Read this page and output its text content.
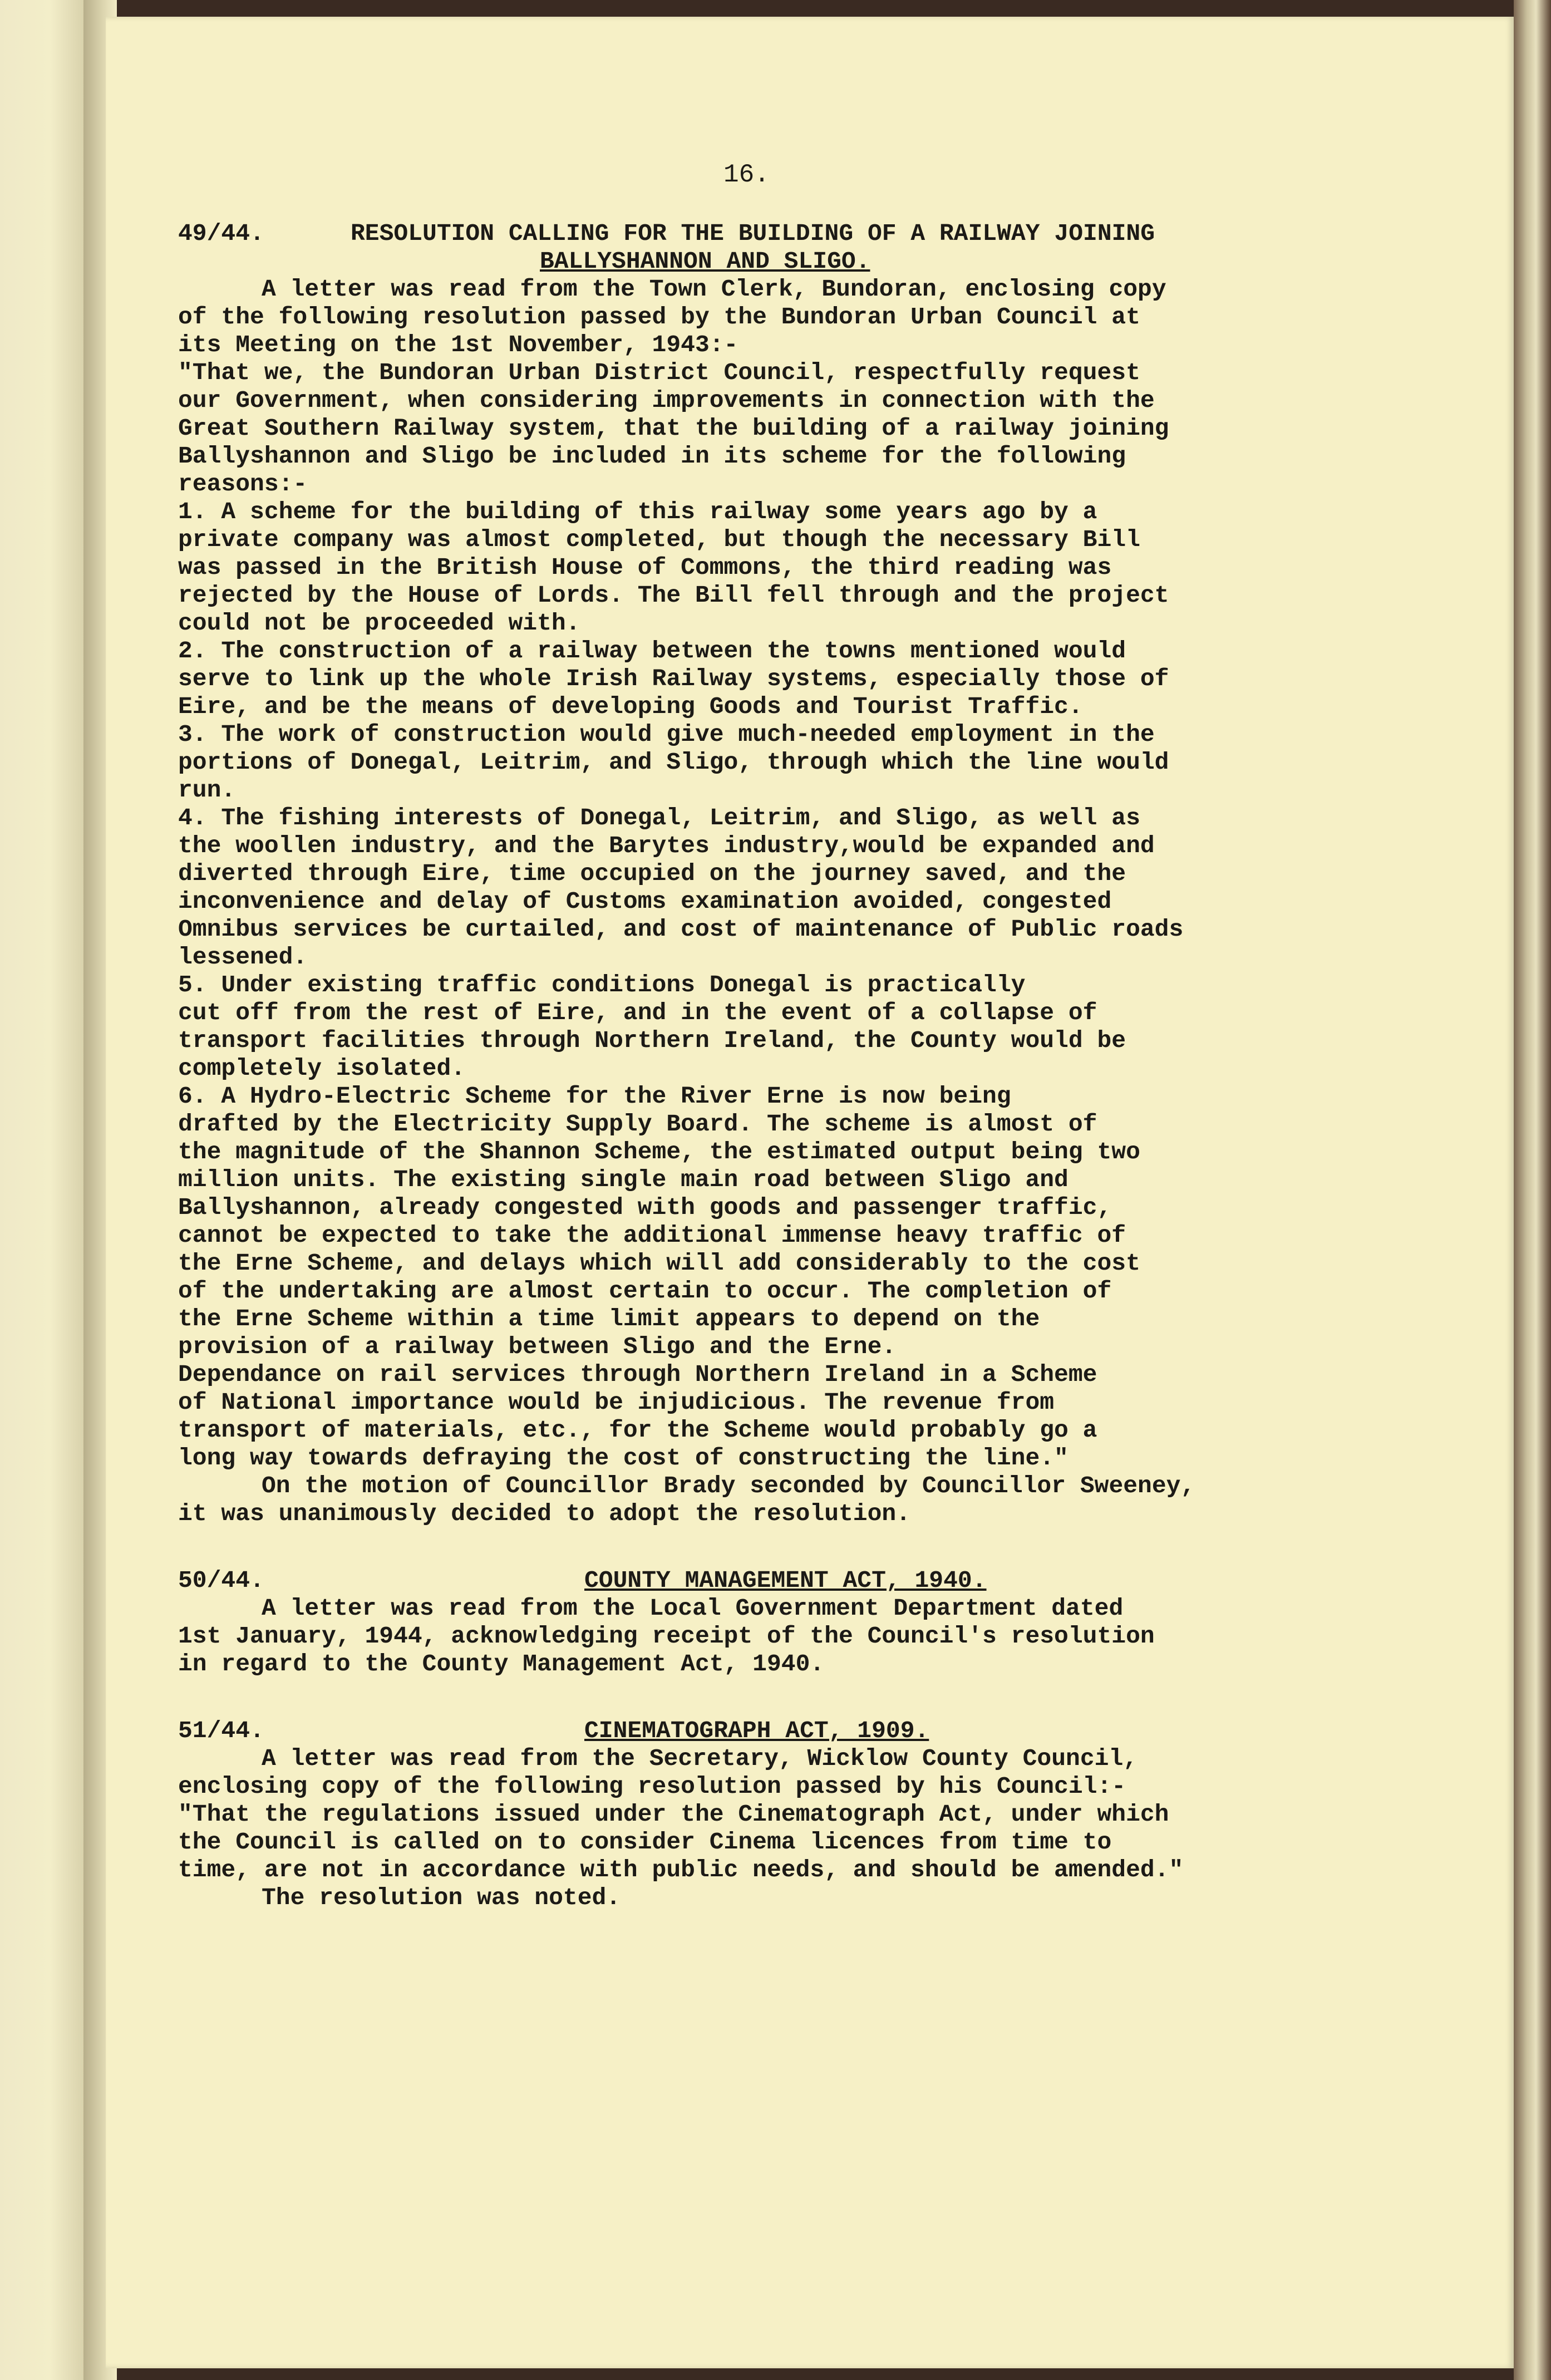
16.
49/44.	RESOLUTION CALLING FOR THE BUILDING OF A RAILWAY JOINING
BALLYSHANNON AND SLIGO.
A letter was read from the Town Clerk, Bundoran, enclosing copy
of the following resolution passed by the Bundoran Urban Council at
its Meeting on the 1st November, 1943:-
"That we, the Bundoran Urban District Council, respectfully request
our Government, when considering improvements in connection with the
Great Southern Railway system, that the building of a railway joining
Ballyshannon and Sligo be included in its scheme for the following
reasons:-
1. A scheme for the building of this railway some years ago by a
private company was almost completed, but though the necessary Bill
was passed in the British House of Commons, the third reading was
rejected by the House of Lords. The Bill fell through and the project
could not be proceeded with.
2. The construction of a railway between the towns mentioned would
serve to link up the whole Irish Railway systems, especially those of
Eire, and be the means of developing Goods and Tourist Traffic.
3. The work of construction would give much-needed employment in the
portions of Donegal, Leitrim, and Sligo, through which the line would
run.
4. The fishing interests of Donegal, Leitrim, and Sligo, as well as
the woollen industry, and the Barytes industry,would be expanded and
diverted through Eire, time occupied on the journey saved, and the
inconvenience and delay of Customs examination avoided, congested
Omnibus services be curtailed, and cost of maintenance of Public roads
lessened.
5. Under existing traffic conditions Donegal is practically
cut off from the rest of Eire, and in the event of a collapse of
transport facilities through Northern Ireland, the County would be
completely isolated.
6. A Hydro-Electric Scheme for the River Erne is now being
drafted by the Electricity Supply Board. The scheme is almost of
the magnitude of the Shannon Scheme, the estimated output being two
million units. The existing single main road between Sligo and
Ballyshannon, already congested with goods and passenger traffic,
cannot be expected to take the additional immense heavy traffic of
the Erne Scheme, and delays which will add considerably to the cost
of the undertaking are almost certain to occur. The completion of
the Erne Scheme within a time limit appears to depend on the
provision of a railway between Sligo and the Erne.
Dependance on rail services through Northern Ireland in a Scheme
of National importance would be injudicious. The revenue from
transport of materials, etc., for the Scheme would probably go a
long way towards defraying the cost of constructing the line."
On the motion of Councillor Brady seconded by Councillor Sweeney,
it was unanimously decided to adopt the resolution.
50/44.	COUNTY MANAGEMENT ACT, 1940.
A letter was read from the Local Government Department dated
1st January, 1944, acknowledging receipt of the Council's resolution
in regard to the County Management Act, 1940.
51/44.	CINEMATOGRAPH ACT, 1909.
A letter was read from the Secretary, Wicklow County Council,
enclosing copy of the following resolution passed by his Council:-
"That the regulations issued under the Cinematograph Act, under which
the Council is called on to consider Cinema licences from time to
time, are not in accordance with public needs, and should be amended."
The resolution was noted.
